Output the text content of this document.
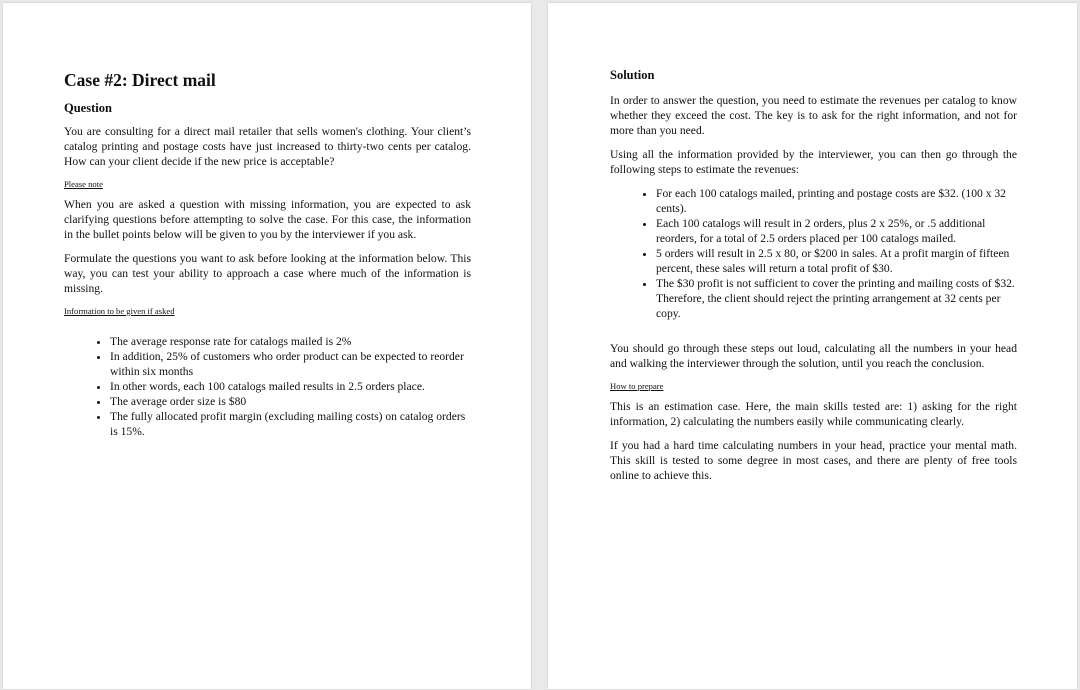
Case #2: Direct mail
Question

You are consulting for a direct mail retailer that sells women's clothing. Your client’s catalog printing and postage costs have just increased to thirty-two cents per catalog. How can your client decide if the new price is acceptable?

Please note

When you are asked a question with missing information, you are expected to ask clarifying questions before attempting to solve the case. For this case, the information in the bullet points below will be given to you by the interviewer if you ask.

Formulate the questions you want to ask before looking at the information below. This way, you can test your ability to approach a case where much of the information is missing.

Information to be given if asked
• The average response rate for catalogs mailed is 2%
• In addition, 25% of customers who order product can be expected to reorder within six months
• In other words, each 100 catalogs mailed results in 2.5 orders place.
• The average order size is $80
• The fully allocated profit margin (excluding mailing costs) on catalog orders is 15%.
Solution

In order to answer the question, you need to estimate the revenues per catalog to know whether they exceed the cost. The key is to ask for the right information, and not for more than you need.

Using all the information provided by the interviewer, you can then go through the following steps to estimate the revenues:

• For each 100 catalogs mailed, printing and postage costs are $32. (100 x 32 cents).
• Each 100 catalogs will result in 2 orders, plus 2 x 25%, or .5 additional reorders, for a total of 2.5 orders placed per 100 catalogs mailed.
• 5 orders will result in 2.5 x 80, or $200 in sales. At a profit margin of fifteen percent, these sales will return a total profit of $30.
• The $30 profit is not sufficient to cover the printing and mailing costs of $32. Therefore, the client should reject the printing arrangement at 32 cents per copy.

You should go through these steps out loud, calculating all the numbers in your head and walking the interviewer through the solution, until you reach the conclusion.

How to prepare

This is an estimation case. Here, the main skills tested are: 1) asking for the right information, 2) calculating the numbers easily while communicating clearly.

If you had a hard time calculating numbers in your head, practice your mental math. This skill is tested to some degree in most cases, and there are plenty of free tools online to achieve this.
